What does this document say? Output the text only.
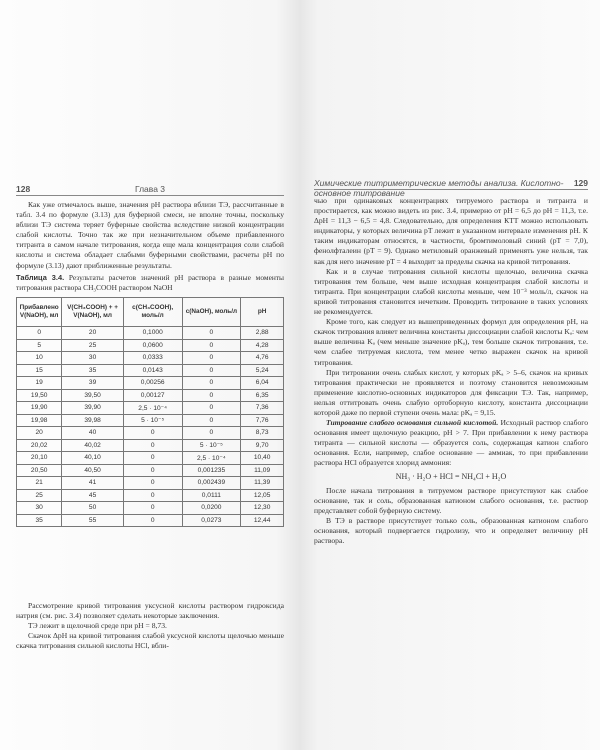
128	Глава 3

Как уже отмечалось выше, значения pH раствора вблизи ТЭ, рассчитанные в табл. 3.4 по формуле (3.13) для буферной смеси, не вполне точны, поскольку вблизи ТЭ система теряет буферные свойства вследствие низкой концентрации слабой кислоты. Точно так же при незначительном объеме прибавленного титранта в самом начале титрования, когда еще мала концентрация соли слабой кислоты и система обладает слабыми буферными свойствами, расчеты pH по формуле (3.13) дают приближенные результаты.

Таблица 3.4. Результаты расчетов значений pH раствора в разные моменты титрования раствора CH₃COOH раствором NaOH
Прибавлено V(NaOH), мл	V(CH₃COOH) + + V(NaOH), мл	c(CH₃COOH), моль/л	c(NaOH), моль/л	pH
0	20	0,1000	0	2,88
5	25	0,0600	0	4,28
10	30	0,0333	0	4,76
15	35	0,0143	0	5,24
19	39	0,00256	0	6,04
19,50	39,50	0,00127	0	6,35
19,90	39,90	2,5 · 10⁻⁴	0	7,36
19,98	39,98	5 · 10⁻⁵	0	7,76
20	40	0	0	8,73
20,02	40,02	0	5 · 10⁻⁵	9,70
20,10	40,10	0	2,5 · 10⁻⁴	10,40
20,50	40,50	0	0,001235	11,09
21	41	0	0,002439	11,39
25	45	0	0,0111	12,05
30	50	0	0,0200	12,30
35	55	0	0,0273	12,44

Рассмотрение кривой титрования уксусной кислоты раствором гидроксида натрия (см. рис. 3.4) позволяет сделать некоторые заключения.

ТЭ лежит в щелочной среде при pH = 8,73.

Скачок ΔpH на кривой титрования слабой уксусной кислоты щелочью меньше скачка титрования сильной кислоты HCl, вбли-

Химические титриметрические методы анализа. Кислотно-основное титрование
129

чью при одинаковых концентрациях титруемого раствора и титранта и простирается, как можно видеть из рис. 3.4, примерно от pH = 6,5 до pH = 11,3, т.е. ΔpH = 11,3 − 6,5 = 4,8. Следовательно, для определения КТТ можно использовать индикаторы, у которых величина pT лежит в указанном интервале изменения pH. К таким индикаторам относятся, в частности, бромтимоловый синий (pT = 7,0), фенолфталеин (pT = 9). Однако метиловый оранжевый применять уже нельзя, так как для него значение pT = 4 выходит за пределы скачка на кривой титрования.

Как и в случае титрования сильной кислоты щелочью, величина скачка титрования тем больше, чем выше исходная концентрация слабой кислоты и титранта. При концентрации слабой кислоты меньше, чем 10⁻³ моль/л, скачок на кривой титрования становится нечетким. Проводить титрование в таких условиях не рекомендуется.

Кроме того, как следует из вышеприведенных формул для определения pH, на скачок титрования влияет величина константы диссоциации слабой кислоты Kₐ: чем выше величина Kₐ (чем меньше значение pKₐ), тем больше скачок титрования, т.е. чем слабее титруемая кислота, тем менее четко выражен скачок на кривой титрования.

При титровании очень слабых кислот, у которых pKₐ > 5–6, скачок на кривых титрования практически не проявляется и поэтому становится невозможным применение кислотно-основных индикаторов для фиксации ТЭ. Так, например, нельзя оттитровать очень слабую ортоборную кислоту, константа диссоциации которой даже по первой ступени очень мала: pKₐ = 9,15.

Титрование слабого основания сильной кислотой. Исходный раствор слабого основания имеет щелочную реакцию, pH > 7. При прибавлении к нему раствора титранта — сильной кислоты — образуется соль, содержащая катион слабого основания. Если, например, слабое основание — аммиак, то при прибавлении раствора HCl образуется хлорид аммония:

NH₃ · H₂O + HCl = NH₄Cl + H₂O

После начала титрования в титруемом растворе присутствуют как слабое основание, так и соль, образованная катионом слабого основания, т.е. раствор представляет собой буферную систему.

В ТЭ в растворе присутствует только соль, образованная катионом слабого основания, который подвергается гидролизу, что и определяет величину pH раствора.
